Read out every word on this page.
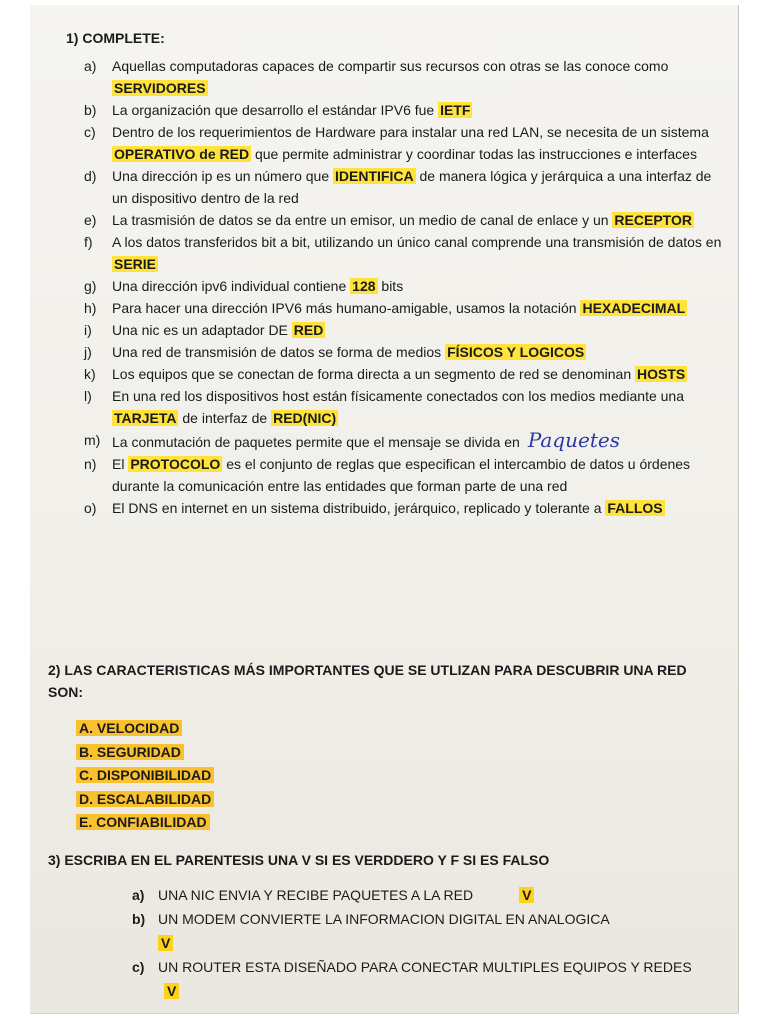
1) COMPLETE:
a)	Aquellas computadoras capaces de compartir sus recursos con otras se las conoce como SERVIDORES
b)	La organización que desarrollo el estándar IPV6 fue IETF
c)	Dentro de los requerimientos de Hardware para instalar una red LAN, se necesita de un sistema OPERATIVO de RED que permite administrar y coordinar todas las instrucciones e interfaces
d)	Una dirección ip es un número que IDENTIFICA de manera lógica y jerárquica a una interfaz de un dispositivo dentro de la red
e)	La trasmisión de datos se da entre un emisor, un medio de canal de enlace y un RECEPTOR
f)	A los datos transferidos bit a bit, utilizando un único canal comprende una transmisión de datos en SERIE
g)	Una dirección ipv6 individual contiene 128 bits
h)	Para hacer una dirección IPV6 más humano-amigable, usamos la notación HEXADECIMAL
i)	Una nic es un adaptador DE RED
j)	Una red de transmisión de datos se forma de medios FÍSICOS Y LOGICOS
k)	Los equipos que se conectan de forma directa a un segmento de red se denominan HOSTS
l)	En una red los dispositivos host están físicamente conectados con los medios mediante una TARJETA de interfaz de RED(NIC)
m) La conmutación de paquetes permite que el mensaje se divida en Paquetes
n)	El PROTOCOLO es el conjunto de reglas que especifican el intercambio de datos u órdenes durante la comunicación entre las entidades que forman parte de una red
o)	El DNS en internet en un sistema distribuido, jerárquico, replicado y tolerante a FALLOS
2) LAS CARACTERISTICAS MÁS IMPORTANTES QUE SE UTLIZAN PARA DESCUBRIR UNA RED SON:
A. VELOCIDAD
B. SEGURIDAD
C. DISPONIBILIDAD
D. ESCALABILIDAD
E. CONFIABILIDAD
3) ESCRIBA EN EL PARENTESIS UNA V SI ES VERDDERO Y F SI ES FALSO
a) UNA NIC ENVIA Y RECIBE PAQUETES A LA RED	V
b) UN MODEM CONVIERTE LA INFORMACION DIGITAL EN ANALOGICA
V
c) UN ROUTER ESTA DISEÑADO PARA CONECTAR MULTIPLES EQUIPOS Y REDES V
